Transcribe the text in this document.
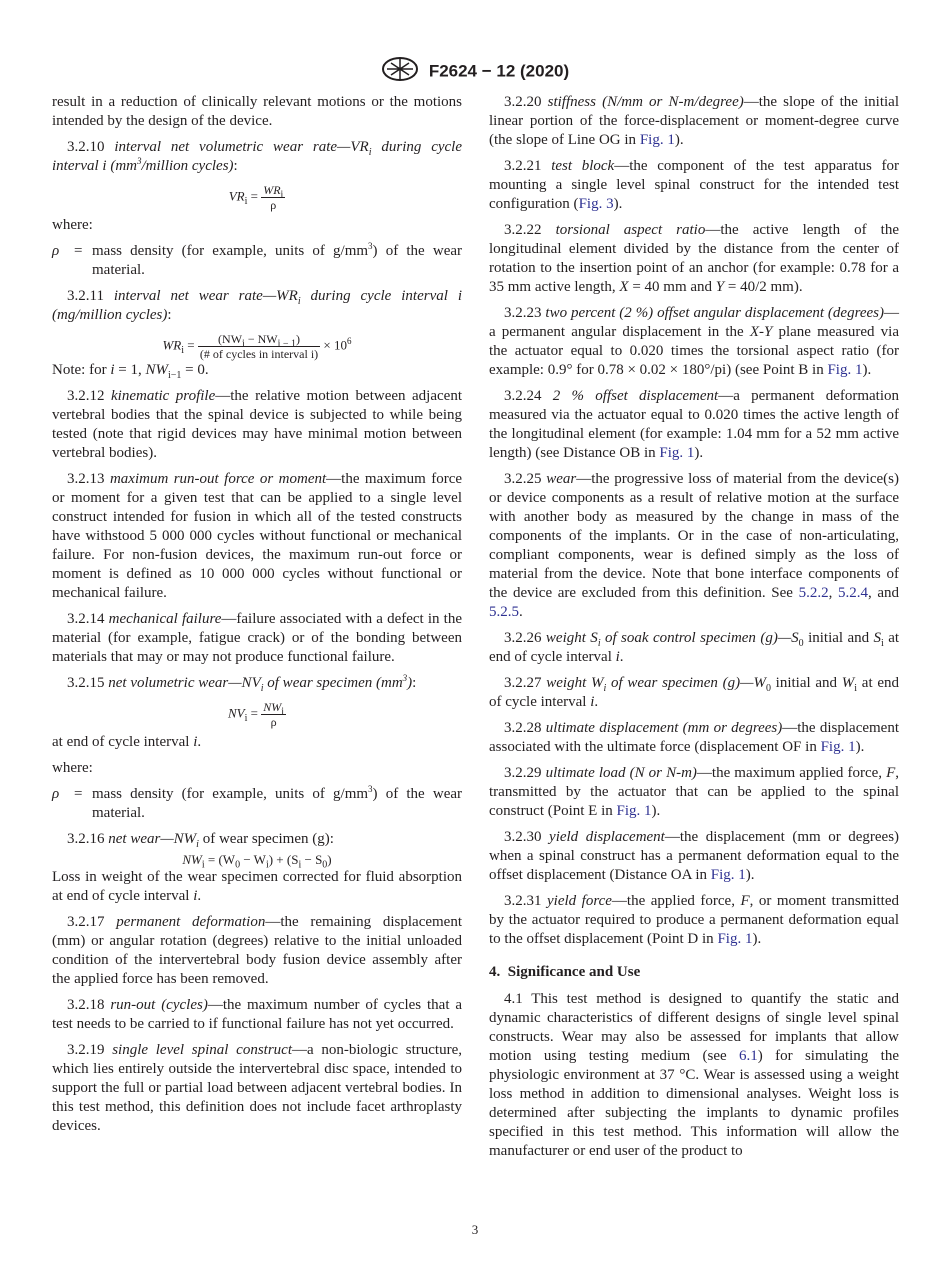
F2624 − 12 (2020)

result in a reduction of clinically relevant motions or the motions intended by the design of the device.

3.2.10 interval net volumetric wear $rate—VR_i$ during cycle interval i ($mm^3$/million cycles):

$VR_i = \frac{WR_i}{\rho}$

where:

ρ = mass density (for example, units of $g/mm^3$) of the wear material.

3.2.11 interval net wear $rate—WR_i$ during cycle interval i (mg/million cycles):

$WR_i = \frac{(NW_i - NW_{i - 1})}{\text{(\# of cycles in interval i)}} \times 10^6$

Note: for i = 1, $NW_{i-1} = 0$.

3.2.12 kinematic profile—the relative motion between adjacent vertebral bodies that the spinal device is subjected to while being tested (note that rigid devices may have minimal motion between vertebral bodies).

3.2.13 maximum run-out force or moment—the maximum force or moment for a given test that can be applied to a single level construct intended for fusion in which all of the tested constructs have withstood 5 000 000 cycles without functional or mechanical failure. For non-fusion devices, the maximum run-out force or moment is defined as 10 000 000 cycles without functional or mechanical failure.

3.2.14 mechanical failure—failure associated with a defect in the material (for example, fatigue crack) or of the bonding between materials that may or may not produce functional failure.

3.2.15 net volumetric $wear—NV_i$ of wear specimen $(mm^3)$:

$NV_i = \frac{NW_i}{\rho}$

at end of cycle interval i.

where:

ρ = mass density (for example, units of $g/mm^3$) of the wear material.

3.2.16 net $wear—NW_i$ of wear specimen (g):

$NW_i = (W_0 - W_i) + (S_i - S_0)$

Loss in weight of the wear specimen corrected for fluid absorption at end of cycle interval i.

3.2.17 permanent deformation—the remaining displacement (mm) or angular rotation (degrees) relative to the initial unloaded condition of the intervertebral body fusion device assembly after the applied force has been removed.

3.2.18 run-out (cycles)—the maximum number of cycles that a test needs to be carried to if functional failure has not yet occurred.

3.2.19 single level spinal construct—a non-biologic structure, which lies entirely outside the intervertebral disc space, intended to support the full or partial load between adjacent vertebral bodies. In this test method, this definition does not include facet arthroplasty devices.

3.2.20 stiffness (N/mm or N-m/degree)—the slope of the initial linear portion of the force-displacement or moment-degree curve (the slope of Line OG in Fig. 1).

3.2.21 test block—the component of the test apparatus for mounting a single level spinal construct for the intended test configuration (Fig. 3).

3.2.22 torsional aspect ratio—the active length of the longitudinal element divided by the distance from the center of rotation to the insertion point of an anchor (for example: 0.78 for a 35 mm active length, X = 40 mm and Y = 40/2 mm).

3.2.23 two percent (2 %) offset angular displacement (degrees)—a permanent angular displacement in the X-Y plane measured via the actuator equal to 0.020 times the torsional aspect ratio (for example: 0.9° for 0.78 × 0.02 × 180°/pi) (see Point B in Fig. 1).

3.2.24 2 % offset displacement—a permanent deformation measured via the actuator equal to 0.020 times the active length of the longitudinal element (for example: 1.04 mm for a 52 mm active length) (see Distance OB in Fig. 1).

3.2.25 wear—the progressive loss of material from the device(s) or device components as a result of relative motion at the surface with another body as measured by the change in mass of the components of the implants. Or in the case of non-articulating, compliant components, wear is defined simply as the loss of material from the device. Note that bone interface components of the device are excluded from this definition. See 5.2.2, 5.2.4, and 5.2.5.

3.2.26 weight $S_i$ of soak control specimen $(g)—S_0$ initial and $S_i$ at end of cycle interval i.

3.2.27 weight $W_i$ of wear specimen $(g)—W_0$ initial and $W_i$ at end of cycle interval i.

3.2.28 ultimate displacement (mm or degrees)—the displacement associated with the ultimate force (displacement OF in Fig. 1).

3.2.29 ultimate load (N or N-m)—the maximum applied force, F, transmitted by the actuator that can be applied to the spinal construct (Point E in Fig. 1).

3.2.30 yield displacement—the displacement (mm or degrees) when a spinal construct has a permanent deformation equal to the offset displacement (Distance OA in Fig. 1).

3.2.31 yield force—the applied force, F, or moment transmitted by the actuator required to produce a permanent deformation equal to the offset displacement (Point D in Fig. 1).

4.  Significance and Use

4.1 This test method is designed to quantify the static and dynamic characteristics of different designs of single level spinal constructs. Wear may also be assessed for implants that allow motion using testing medium (see 6.1) for simulating the physiologic environment at 37 °C. Wear is assessed using a weight loss method in addition to dimensional analyses. Weight loss is determined after subjecting the implants to dynamic profiles specified in this test method. This information will allow the manufacturer or end user of the product to

3
